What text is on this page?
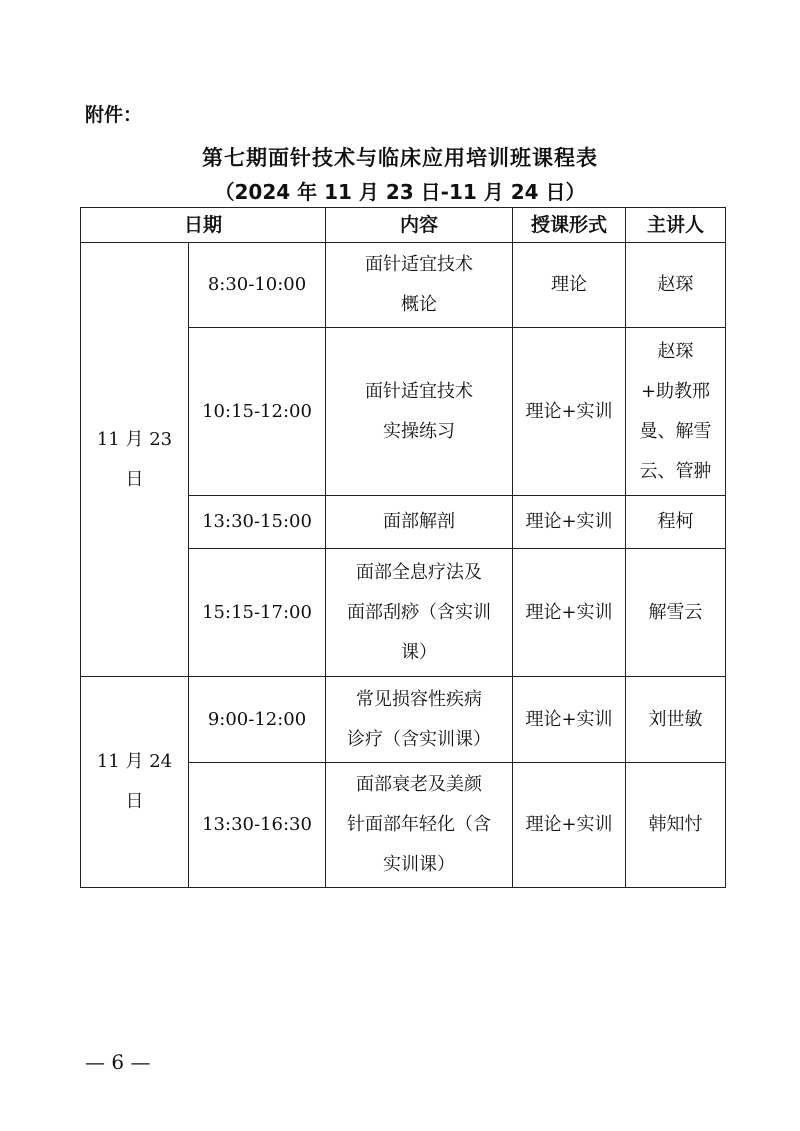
附件：
第七期面针技术与临床应用培训班课程表
（2024 年 11 月 23 日-11 月 24 日）
日期		内容	授课形式	主讲人
11 月 23 日	8:30-10:00	面针适宜技术
概论	理论	赵琛
	10:15-12:00	面针适宜技术
实操练习	理论+实训	赵琛
+助教邢
曼、解雪
云、管翀
	13:30-15:00	面部解剖	理论+实训	程柯
	15:15-17:00	面部全息疗法及
面部刮痧（含实训
课）	理论+实训	解雪云
11 月 24 日	9:00-12:00	常见损容性疾病
诊疗（含实训课）	理论+实训	刘世敏
	13:30-16:30	面部衰老及美颜
针面部年轻化（含
实训课）	理论+实训	韩知忖
— 6 —
